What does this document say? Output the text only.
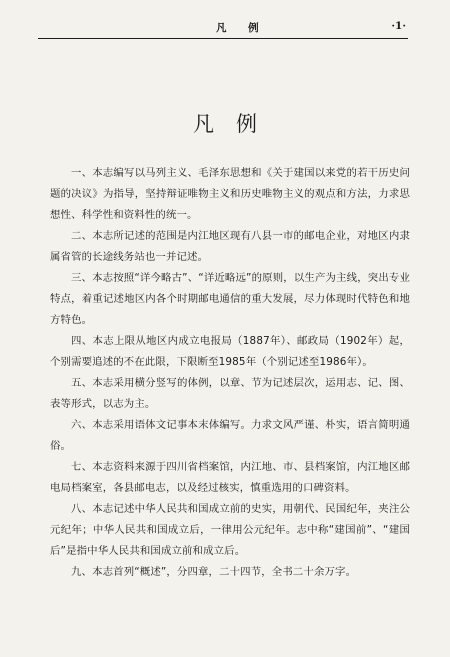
凡 例	·1·
凡例

一、本志编写以马列主义、毛泽东思想和《关于建国以来党的若干历史问题的决议》为指导，坚持辩证唯物主义和历史唯物主义的观点和方法，力求思想性、科学性和资料性的统一。

二、本志所记述的范围是内江地区现有八县一市的邮电企业，对地区内隶属省管的长途线务站也一并记述。

三、本志按照“详今略古”、“详近略远”的原则，以生产为主线，突出专业特点，着重记述地区内各个时期邮电通信的重大发展，尽力体现时代特色和地方特色。

四、本志上限从地区内成立电报局（1887年）、邮政局（1902年）起，个别需要追述的不在此限，下限断至1985年（个别记述至1986年）。

五、本志采用横分竖写的体例，以章、节为记述层次，运用志、记、图、表等形式，以志为主。

六、本志采用语体文记事本末体编写。力求文风严谨、朴实，语言简明通俗。

七、本志资料来源于四川省档案馆，内江地、市、县档案馆，内江地区邮电局档案室，各县邮电志，以及经过核实，慎重选用的口碑资料。

八、本志记述中华人民共和国成立前的史实，用朝代、民国纪年，夹注公元纪年；中华人民共和国成立后，一律用公元纪年。志中称“建国前”、“建国后”是指中华人民共和国成立前和成立后。

九、本志首列“概述”，分四章，二十四节，全书二十余万字。
